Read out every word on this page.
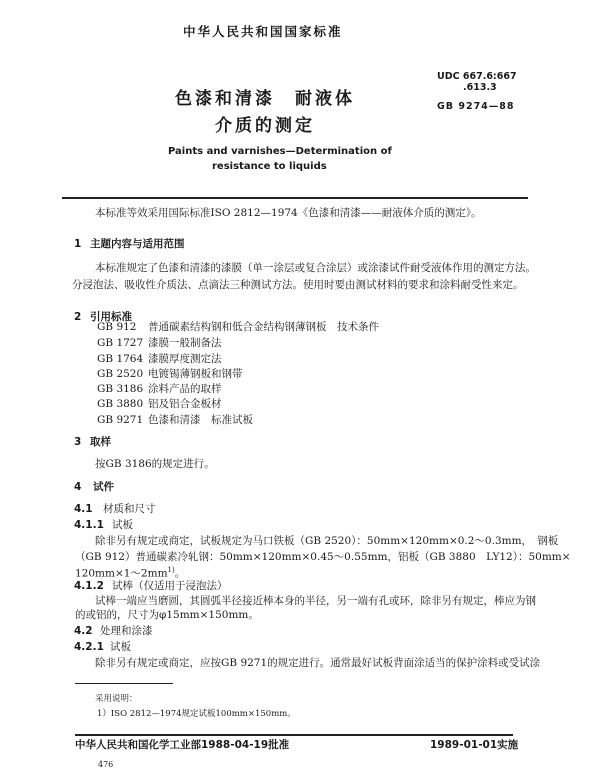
中华人民共和国国家标准
UDC 667.6:667
.613.3
GB 9274—88
色漆和清漆　耐液体
介质的测定
Paints and varnishes—Determination of
resistance to liquids
本标准等效采用国际标准ISO 2812—1974《色漆和清漆——耐液体介质的测定》。
1 主题内容与适用范围
本标准规定了色漆和清漆的漆膜（单一涂层或复合涂层）或涂漆试件耐受液体作用的测定方法。
分浸泡法、吸收性介质法、点滴法三种测试方法。使用时要由测试材料的要求和涂料耐受性来定。
2 引用标准
GB 912 普通碳素结构钢和低合金结构钢薄钢板　技术条件
GB 1727 漆膜一般制备法
GB 1764 漆膜厚度测定法
GB 2520 电镀锡薄钢板和钢带
GB 3186 涂料产品的取样
GB 3880 铝及铝合金板材
GB 9271 色漆和清漆　标准试板
3 取样
按GB 3186的规定进行。
4 试件
4.1 材质和尺寸
4.1.1 试板
除非另有规定或商定，试板规定为马口铁板（GB 2520）：50mm×120mm×0.2～0.3mm，　钢板
（GB 912）普通碳素冷轧钢：50mm×120mm×0.45～0.55mm，铝板（GB 3880　LY12）：50mm×
$120mm\times 1\sim 2mm^{1)}$。
4.1.2 试棒（仅适用于浸泡法）
试棒一端应当磨圆，其圆弧半径接近棒本身的半径，另一端有孔或环，除非另有规定，棒应为钢
的或铝的，尺寸为φ15mm×150mm。
4.2 处理和涂漆
4.2.1 试板
除非另有规定或商定，应按GB 9271的规定进行。通常最好试板背面涂适当的保护涂料或受试涂
采用说明：
1）ISO 2812—1974规定试板100mm×150mm。
中华人民共和国化学工业部1988-04-19批准	1989-01-01实施
476
